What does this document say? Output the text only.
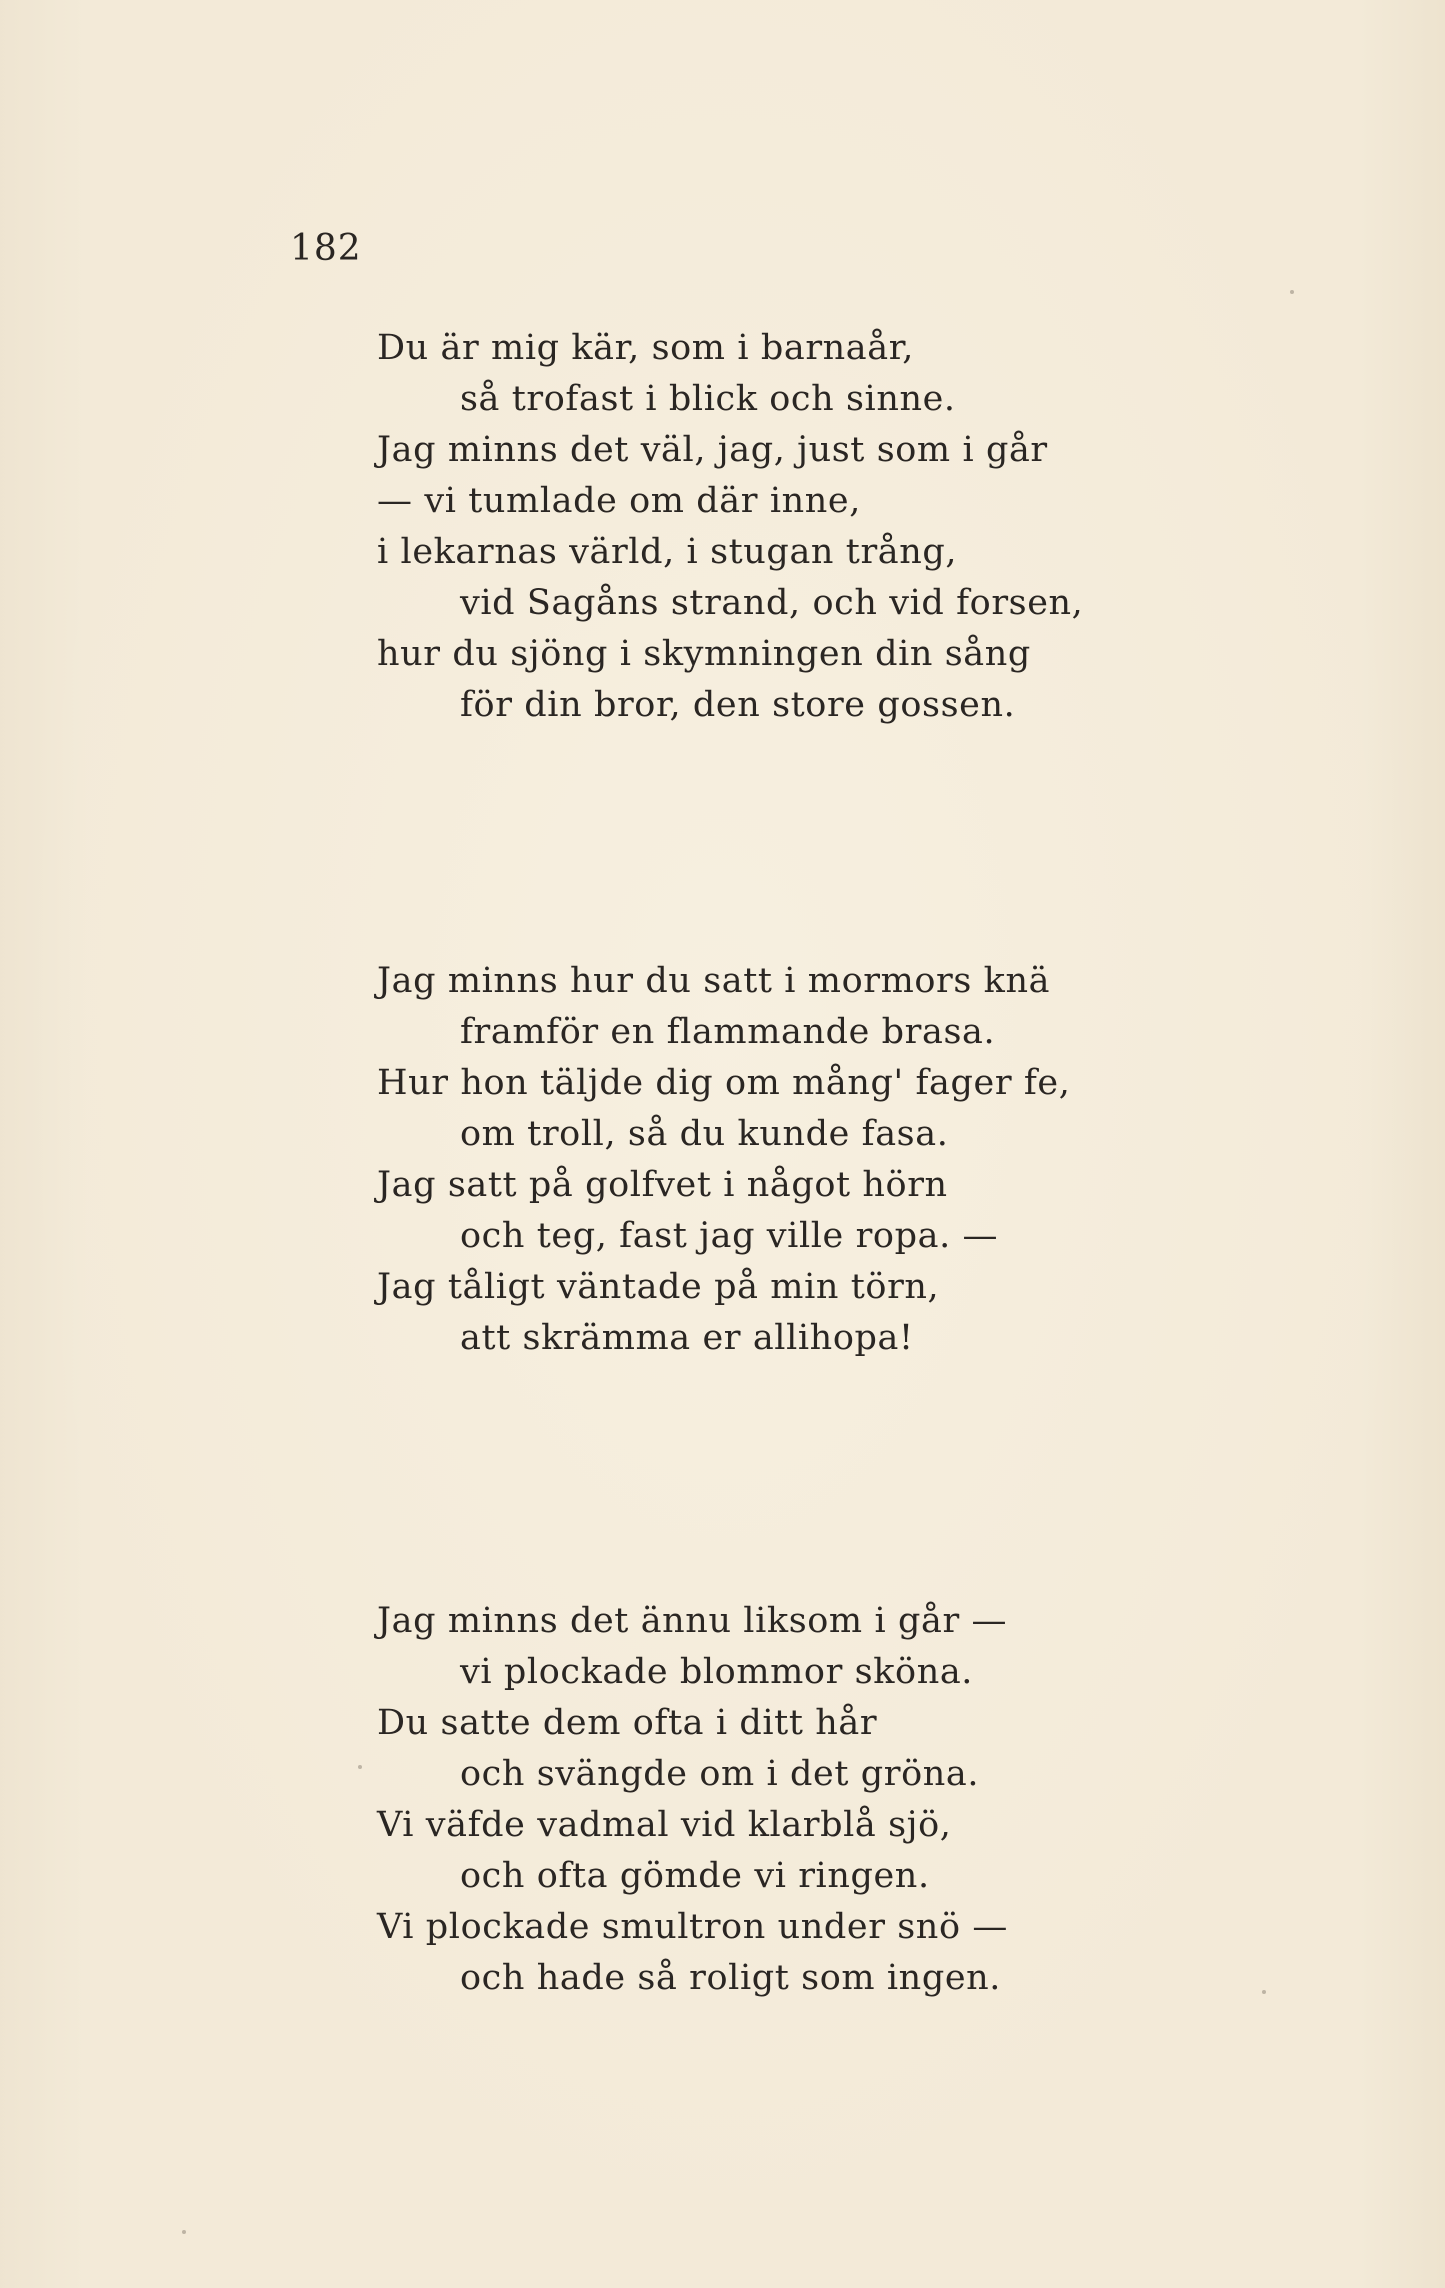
182
Du är mig kär, som i barnaår,
så trofast i blick och sinne.
Jag minns det väl, jag, just som i går
— vi tumlade om där inne,
i lekarnas värld, i stugan trång,
vid Sagåns strand, och vid forsen,
hur du sjöng i skymningen din sång
för din bror, den store gossen.
Jag minns hur du satt i mormors knä
framför en flammande brasa.
Hur hon täljde dig om mång' fager fe,
om troll, så du kunde fasa.
Jag satt på golfvet i något hörn
och teg, fast jag ville ropa. —
Jag tåligt väntade på min törn,
att skrämma er allihopa!
Jag minns det ännu liksom i går —
vi plockade blommor sköna.
Du satte dem ofta i ditt hår
och svängde om i det gröna.
Vi väfde vadmal vid klarblå sjö,
och ofta gömde vi ringen.
Vi plockade smultron under snö —
och hade så roligt som ingen.
